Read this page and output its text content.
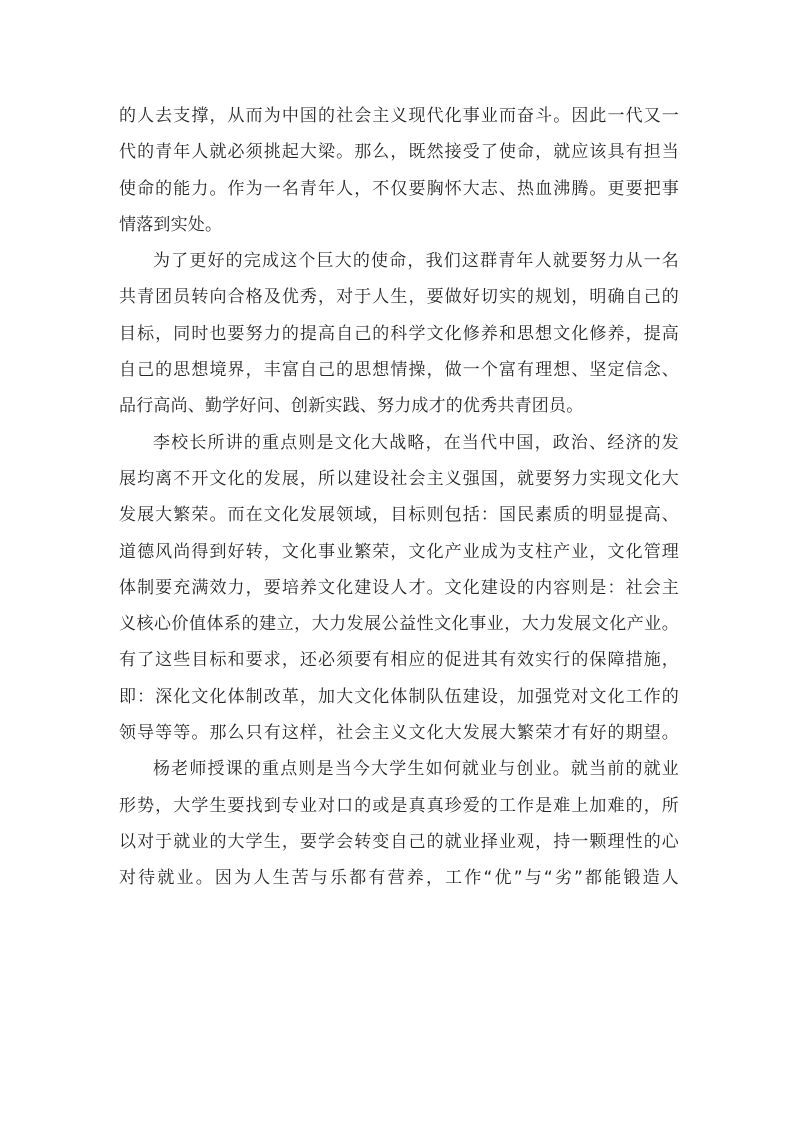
的人去支撑，从而为中国的社会主义现代化事业而奋斗。因此一代又一
代的青年人就必须挑起大梁。那么，既然接受了使命，就应该具有担当
使命的能力。作为一名青年人，不仅要胸怀大志、热血沸腾。更要把事
情落到实处。
为了更好的完成这个巨大的使命，我们这群青年人就要努力从一名
共青团员转向合格及优秀，对于人生，要做好切实的规划，明确自己的
目标，同时也要努力的提高自己的科学文化修养和思想文化修养，提高
自己的思想境界，丰富自己的思想情操，做一个富有理想、坚定信念、
品行高尚、勤学好问、创新实践、努力成才的优秀共青团员。
李校长所讲的重点则是文化大战略，在当代中国，政治、经济的发
展均离不开文化的发展，所以建设社会主义强国，就要努力实现文化大
发展大繁荣。而在文化发展领域，目标则包括：国民素质的明显提高、
道德风尚得到好转，文化事业繁荣，文化产业成为支柱产业，文化管理
体制要充满效力，要培养文化建设人才。文化建设的内容则是：社会主
义核心价值体系的建立，大力发展公益性文化事业，大力发展文化产业。
有了这些目标和要求，还必须要有相应的促进其有效实行的保障措施，
即：深化文化体制改革，加大文化体制队伍建设，加强党对文化工作的
领导等等。那么只有这样，社会主义文化大发展大繁荣才有好的期望。
杨老师授课的重点则是当今大学生如何就业与创业。就当前的就业
形势，大学生要找到专业对口的或是真真珍爱的工作是难上加难的，所
以对于就业的大学生，要学会转变自己的就业择业观，持一颗理性的心
对待就业。因为人生苦与乐都有营养，工作“优”与“劣”都能锻造人
